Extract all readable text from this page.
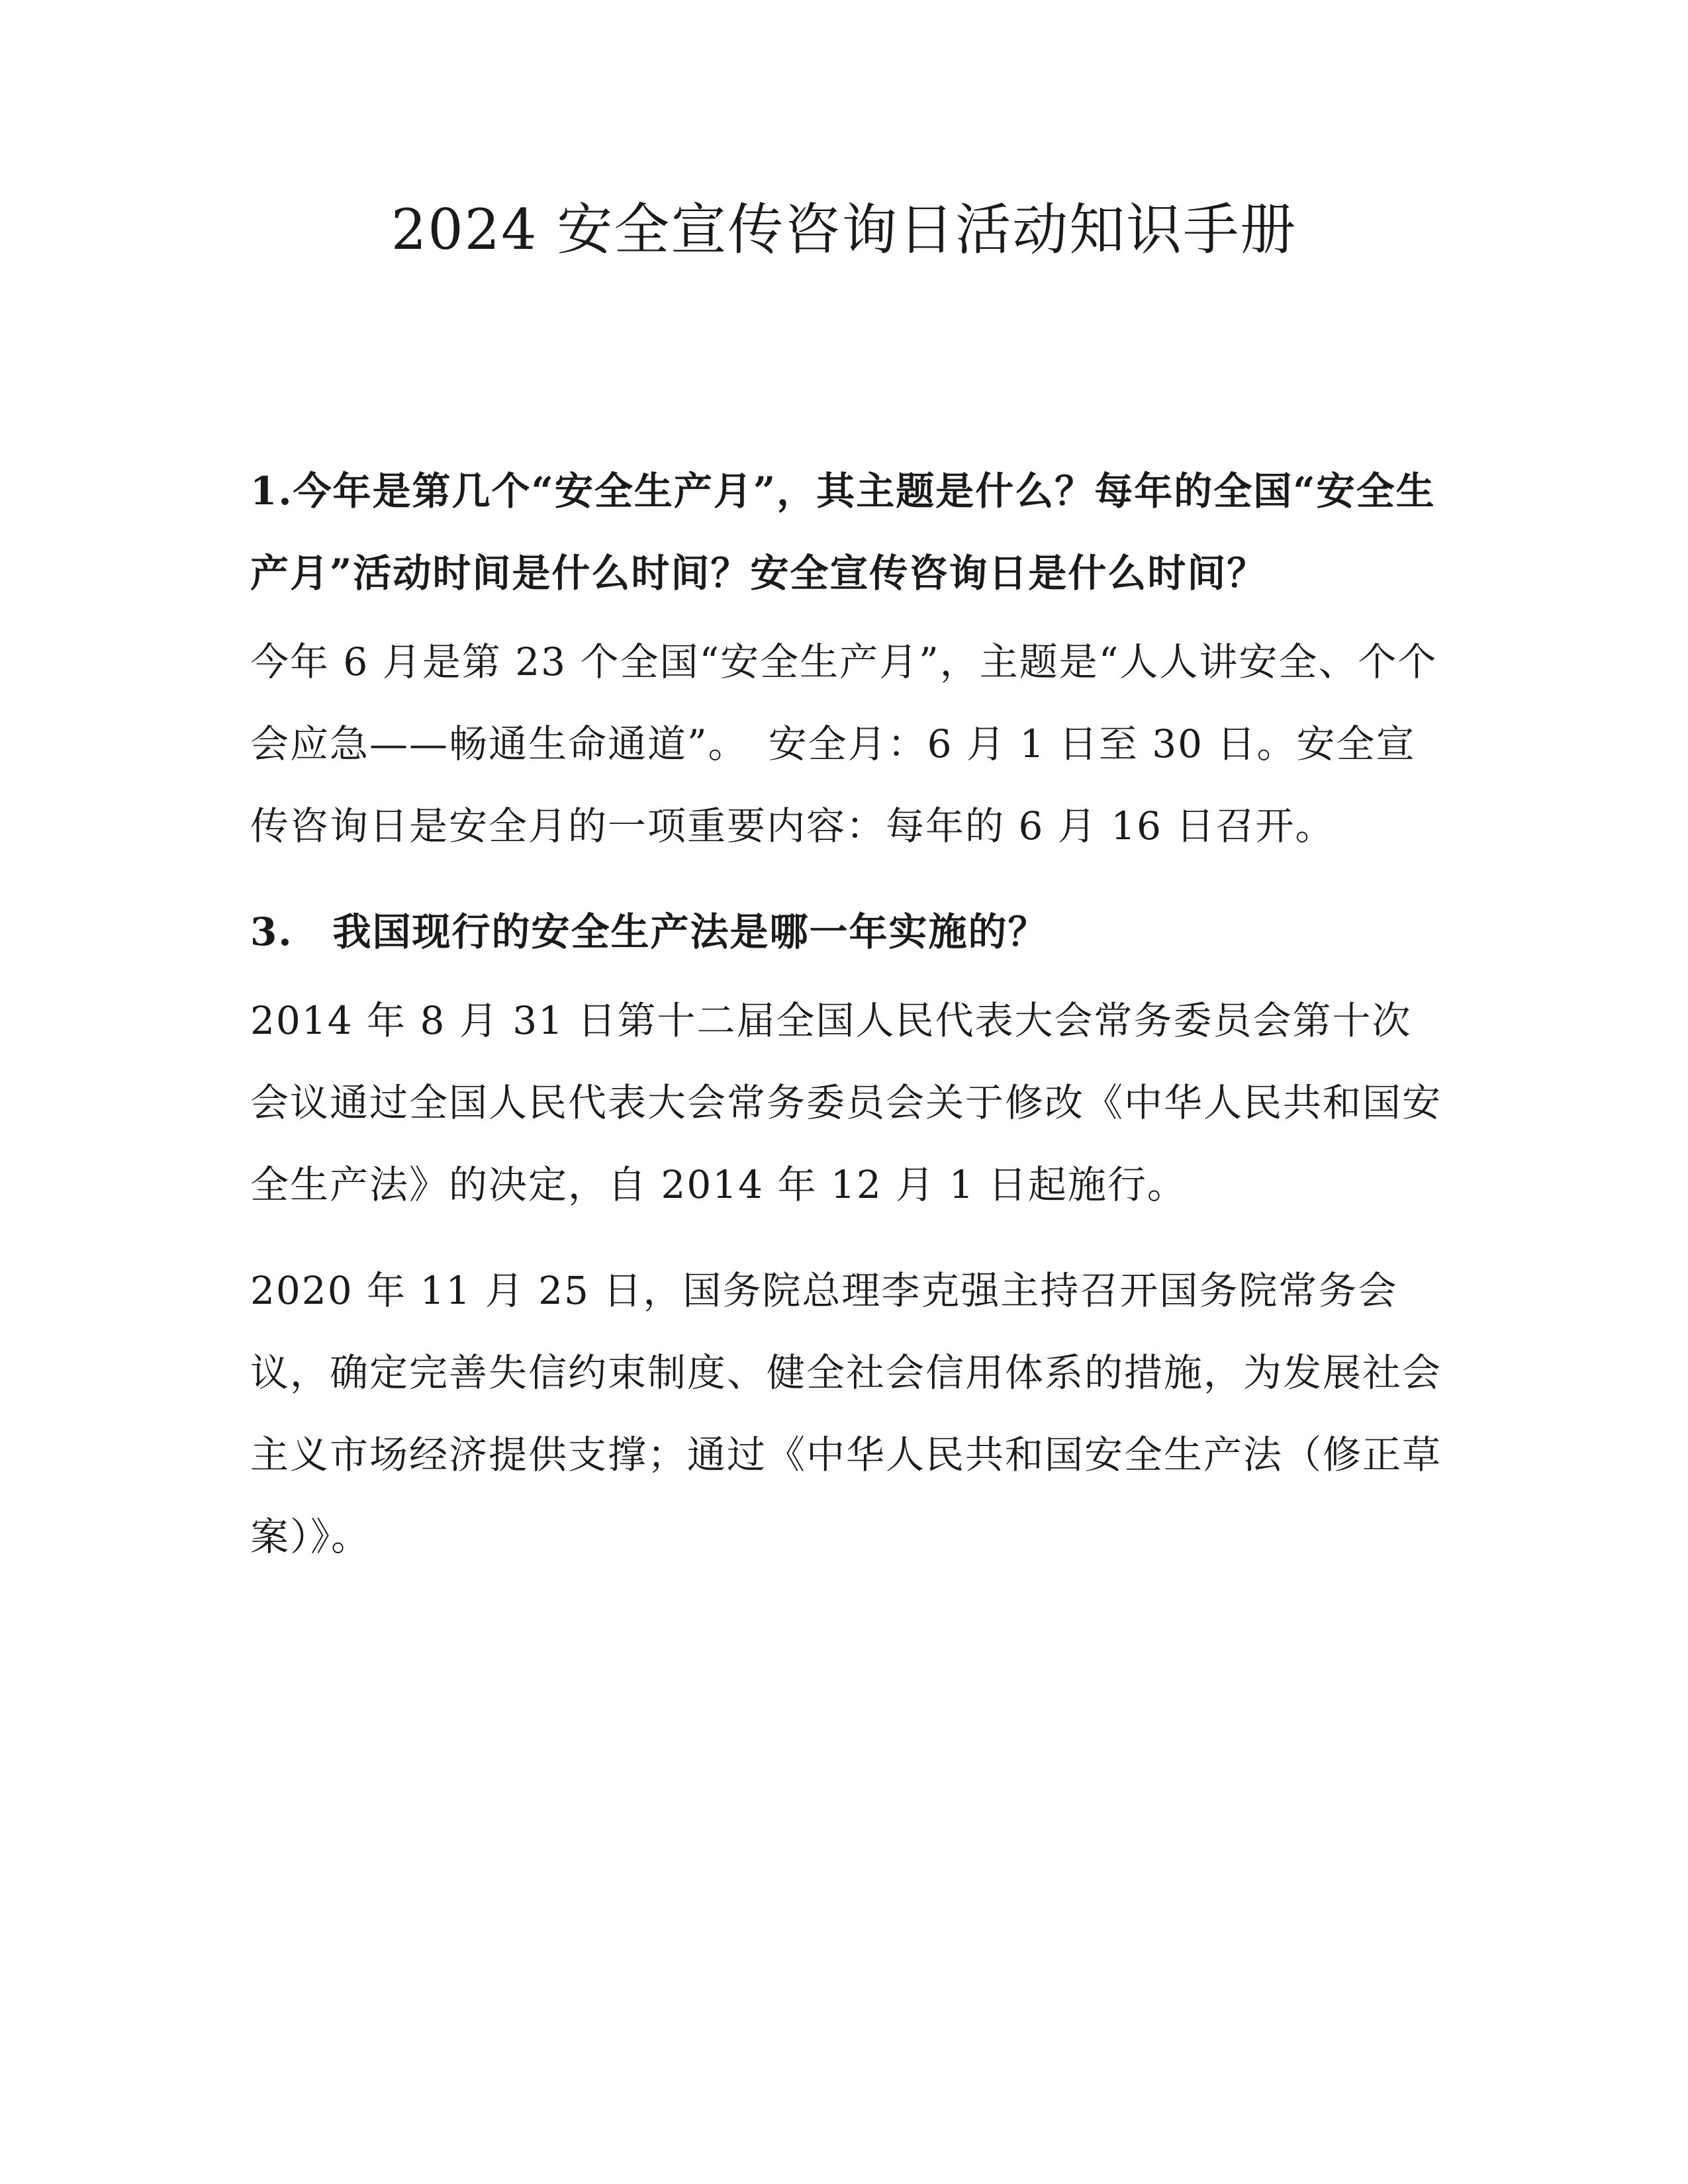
2024 安全宣传咨询日活动知识手册

1.今年是第几个“安全生产月”，其主题是什么？每年的全国“安全生产月”活动时间是什么时间？安全宣传咨询日是什么时间？

今年 6 月是第 23 个全国“安全生产月”，主题是“人人讲安全、个个会应急——畅通生命通道”。　安全月：6 月 1 日至 30 日。安全宣传咨询日是安全月的一项重要内容：每年的 6 月 16 日召开。

3.　我国现行的安全生产法是哪一年实施的？

2014 年 8 月 31 日第十二届全国人民代表大会常务委员会第十次会议通过全国人民代表大会常务委员会关于修改《中华人民共和国安全生产法》的决定，自 2014 年 12 月 1 日起施行。

2020 年 11 月 25 日，国务院总理李克强主持召开国务院常务会议，确定完善失信约束制度、健全社会信用体系的措施，为发展社会主义市场经济提供支撑；通过《中华人民共和国安全生产法（修正草案）》。
